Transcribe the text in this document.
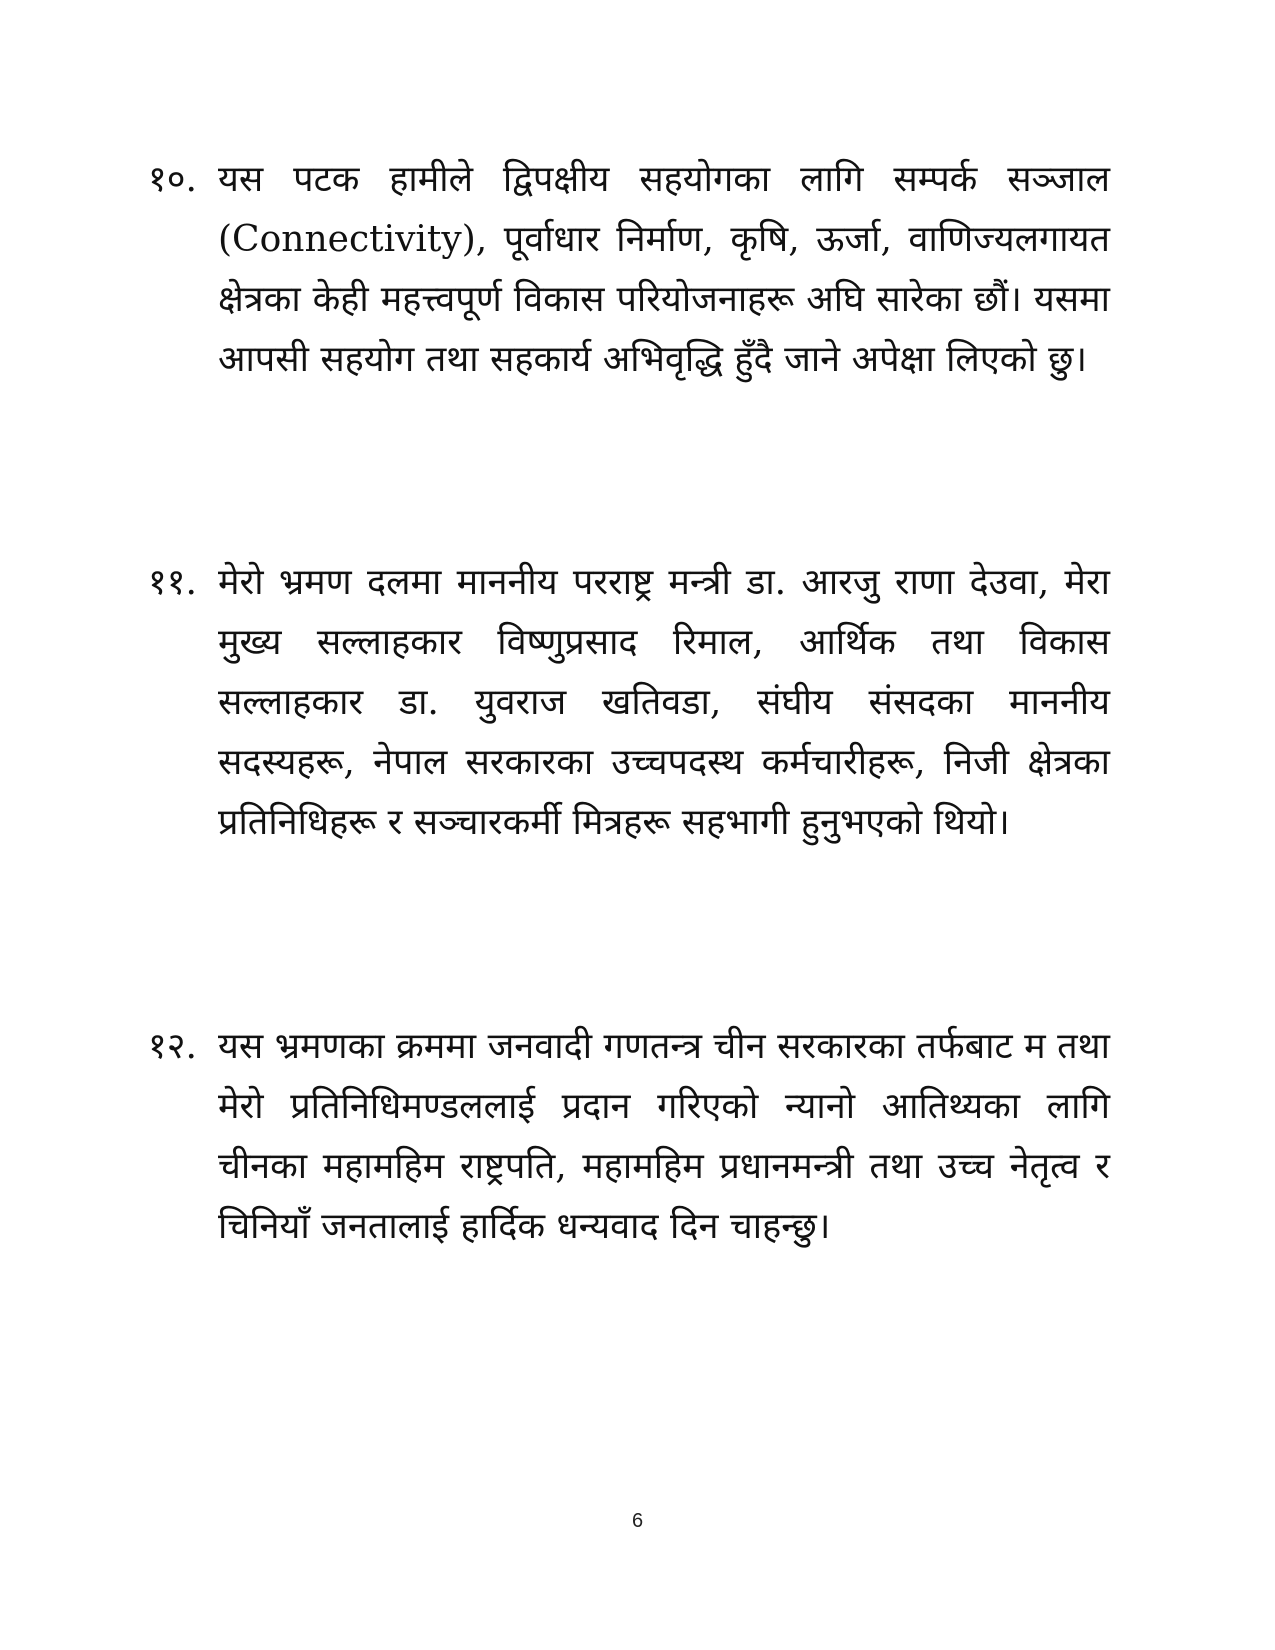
१०. यस पटक हामीले द्विपक्षीय सहयोगका लागि सम्पर्क सञ्जाल (Connectivity), पूर्वाधार निर्माण, कृषि, ऊर्जा, वाणिज्यलगायत क्षेत्रका केही महत्त्वपूर्ण विकास परियोजनाहरू अघि सारेका छौं। यसमा आपसी सहयोग तथा सहकार्य अभिवृद्धि हुँदै जाने अपेक्षा लिएको छु।
११. मेरो भ्रमण दलमा माननीय परराष्ट्र मन्त्री डा. आरजु राणा देउवा, मेरा मुख्य सल्लाहकार विष्णुप्रसाद रिमाल, आर्थिक तथा विकास सल्लाहकार डा. युवराज खतिवडा, संघीय संसदका माननीय सदस्यहरू, नेपाल सरकारका उच्चपदस्थ कर्मचारीहरू, निजी क्षेत्रका प्रतिनिधिहरू र सञ्चारकर्मी मित्रहरू सहभागी हुनुभएको थियो।
१२. यस भ्रमणका क्रममा जनवादी गणतन्त्र चीन सरकारका तर्फबाट म तथा मेरो प्रतिनिधिमण्डललाई प्रदान गरिएको न्यानो आतिथ्यका लागि चीनका महामहिम राष्ट्रपति, महामहिम प्रधानमन्त्री तथा उच्च नेतृत्व र चिनियाँ जनतालाई हार्दिक धन्यवाद दिन चाहन्छु।
6
